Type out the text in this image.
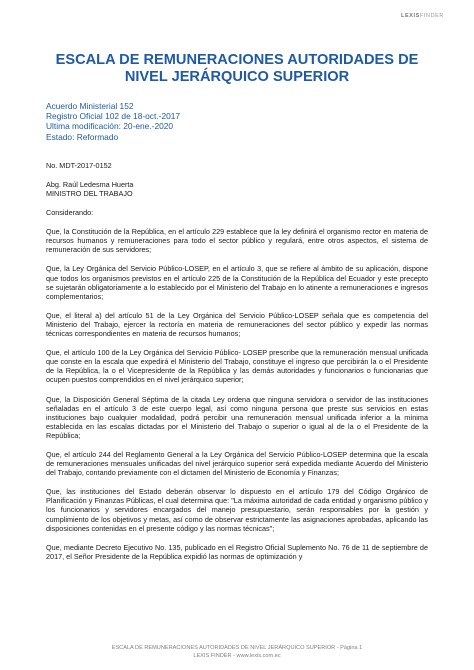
LEXISFINDER
ESCALA DE REMUNERACIONES AUTORIDADES DE
NIVEL JERÁRQUICO SUPERIOR
Acuerdo Ministerial 152
Registro Oficial 102 de 18-oct.-2017
Ultima modificación: 20-ene.-2020
Estado: Reformado

No. MDT-2017-0152

Abg. Raúl Ledesma Huerta

MINISTRO DEL TRABAJO

Considerando:

Que, la Constitución de la República, en el artículo 229 establece que la ley definirá el organismo rector en materia de recursos humanos y remuneraciones para todo el sector público y regulará, entre otros aspectos, el sistema de remuneración de sus servidores;

Que, la Ley Orgánica del Servicio Público-LOSEP, en el artículo 3, que se refiere al ámbito de su aplicación, dispone que todos los organismos previstos en el artículo 225 de la Constitución de la República del Ecuador y este precepto se sujetarán obligatoriamente a lo establecido por el Ministerio del Trabajo en lo atinente a remuneraciones e ingresos complementarios;

Que, el literal a) del artículo 51 de la Ley Orgánica del Servicio Público-LOSEP señala que es competencia del Ministerio del Trabajo, ejercer la rectoría en materia de remuneraciones del sector público y expedir las normas técnicas correspondientes en materia de recursos humanos;

Que, el artículo 100 de la Ley Orgánica del Servicio Público- LOSEP prescribe que la remuneración mensual unificada que conste en la escala que expedirá el Ministerio del Trabajo, constituye el ingreso que percibirán la o el Presidente de la República, la o el Vicepresidente de la República y las demás autoridades y funcionarios o funcionarias que ocupen puestos comprendidos en el nivel jerárquico superior;

Que, la Disposición General Séptima de la citada Ley ordena que ninguna servidora o servidor de las instituciones señaladas en el artículo 3 de este cuerpo legal, así como ninguna persona que preste sus servicios en estas instituciones bajo cualquier modalidad, podrá percibir una remuneración mensual unificada inferior a la mínima establecida en las escalas dictadas por el Ministerio del Trabajo o superior o igual al de la o el Presidente de la República;

Que, el artículo 244 del Reglamento General a la Ley Orgánica del Servicio Público-LOSEP determina que la escala de remuneraciones mensuales unificadas del nivel jerárquico superior será expedida mediante Acuerdo del Ministerio del Trabajo, contando previamente con el dictamen del Ministerio de Economía y Finanzas;

Que, las instituciones del Estado deberán observar lo dispuesto en el artículo 179 del Código Orgánico de Planificación y Finanzas Públicas, el cual determina que: "La máxima autoridad de cada entidad y organismo público y los funcionarios y servidores encargados del manejo presupuestario, serán responsables por la gestión y cumplimiento de los objetivos y metas, así como de observar estrictamente las asignaciones aprobadas, aplicando las disposiciones contenidas en el presente código y las normas técnicas";

Que, mediante Decreto Ejecutivo No. 135, publicado en el Registro Oficial Suplemento No. 76 de 11 de septiembre de 2017, el Señor Presidente de la República expidió las normas de optimización y

ESCALA DE REMUNERACIONES AUTORIDADES DE NIVEL JERÁRQUICO SUPERIOR - Página 1
LEXIS FINDER - www.lexis.com.ec
